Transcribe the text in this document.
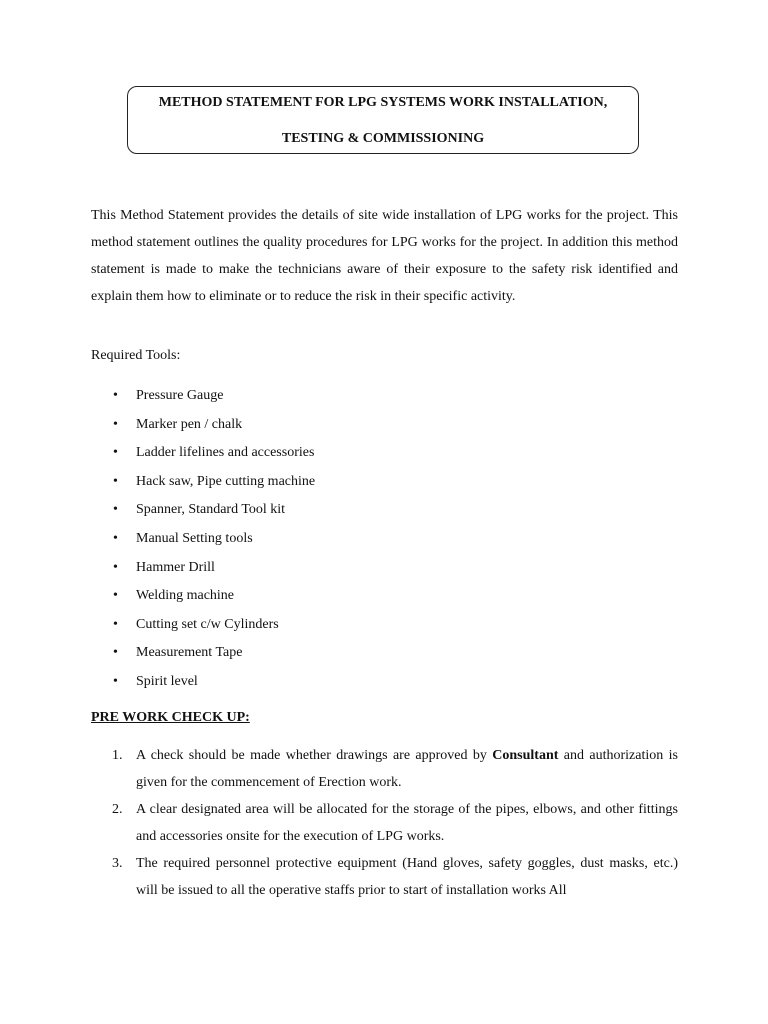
METHOD STATEMENT FOR LPG SYSTEMS WORK INSTALLATION,
TESTING & COMMISSIONING

This Method Statement provides the details of site wide installation of LPG works for the project. This method statement outlines the quality procedures for LPG works for the project. In addition this method statement is made to make the technicians aware of their exposure to the safety risk identified and explain them how to eliminate or to reduce the risk in their specific activity.

Required Tools:

• Pressure Gauge
• Marker pen / chalk
• Ladder lifelines and accessories
• Hack saw, Pipe cutting machine
• Spanner, Standard Tool kit
• Manual Setting tools
• Hammer Drill
• Welding machine
• Cutting set c/w Cylinders
• Measurement Tape
• Spirit level

PRE WORK CHECK UP:

1. A check should be made whether drawings are approved by Consultant and authorization is given for the commencement of Erection work.
2. A clear designated area will be allocated for the storage of the pipes, elbows, and other fittings and accessories onsite for the execution of LPG works.
3. The required personnel protective equipment (Hand gloves, safety goggles, dust masks, etc.) will be issued to all the operative staffs prior to start of installation works All
